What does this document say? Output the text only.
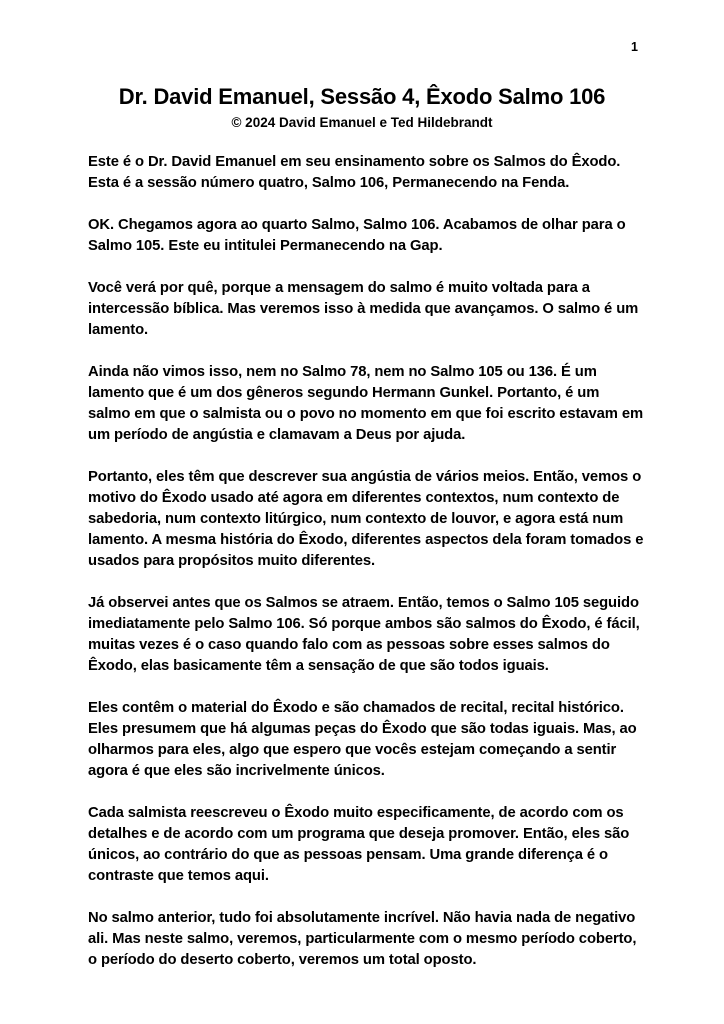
1
Dr. David Emanuel, Sessão 4, Êxodo Salmo 106
© 2024 David Emanuel e Ted Hildebrandt

Este é o Dr. David Emanuel em seu ensinamento sobre os Salmos do Êxodo. Esta é a sessão número quatro, Salmo 106, Permanecendo na Fenda.

OK. Chegamos agora ao quarto Salmo, Salmo 106. Acabamos de olhar para o Salmo 105. Este eu intitulei Permanecendo na Gap.

Você verá por quê, porque a mensagem do salmo é muito voltada para a intercessão bíblica. Mas veremos isso à medida que avançamos. O salmo é um lamento.

Ainda não vimos isso, nem no Salmo 78, nem no Salmo 105 ou 136. É um lamento que é um dos gêneros segundo Hermann Gunkel. Portanto, é um salmo em que o salmista ou o povo no momento em que foi escrito estavam em um período de angústia e clamavam a Deus por ajuda.

Portanto, eles têm que descrever sua angústia de vários meios. Então, vemos o motivo do Êxodo usado até agora em diferentes contextos, num contexto de sabedoria, num contexto litúrgico, num contexto de louvor, e agora está num lamento. A mesma história do Êxodo, diferentes aspectos dela foram tomados e usados para propósitos muito diferentes.

Já observei antes que os Salmos se atraem. Então, temos o Salmo 105 seguido imediatamente pelo Salmo 106. Só porque ambos são salmos do Êxodo, é fácil, muitas vezes é o caso quando falo com as pessoas sobre esses salmos do Êxodo, elas basicamente têm a sensação de que são todos iguais.

Eles contêm o material do Êxodo e são chamados de recital, recital histórico. Eles presumem que há algumas peças do Êxodo que são todas iguais. Mas, ao olharmos para eles, algo que espero que vocês estejam começando a sentir agora é que eles são incrivelmente únicos.

Cada salmista reescreveu o Êxodo muito especificamente, de acordo com os detalhes e de acordo com um programa que deseja promover. Então, eles são únicos, ao contrário do que as pessoas pensam. Uma grande diferença é o contraste que temos aqui.

No salmo anterior, tudo foi absolutamente incrível. Não havia nada de negativo ali. Mas neste salmo, veremos, particularmente com o mesmo período coberto, o período do deserto coberto, veremos um total oposto.
